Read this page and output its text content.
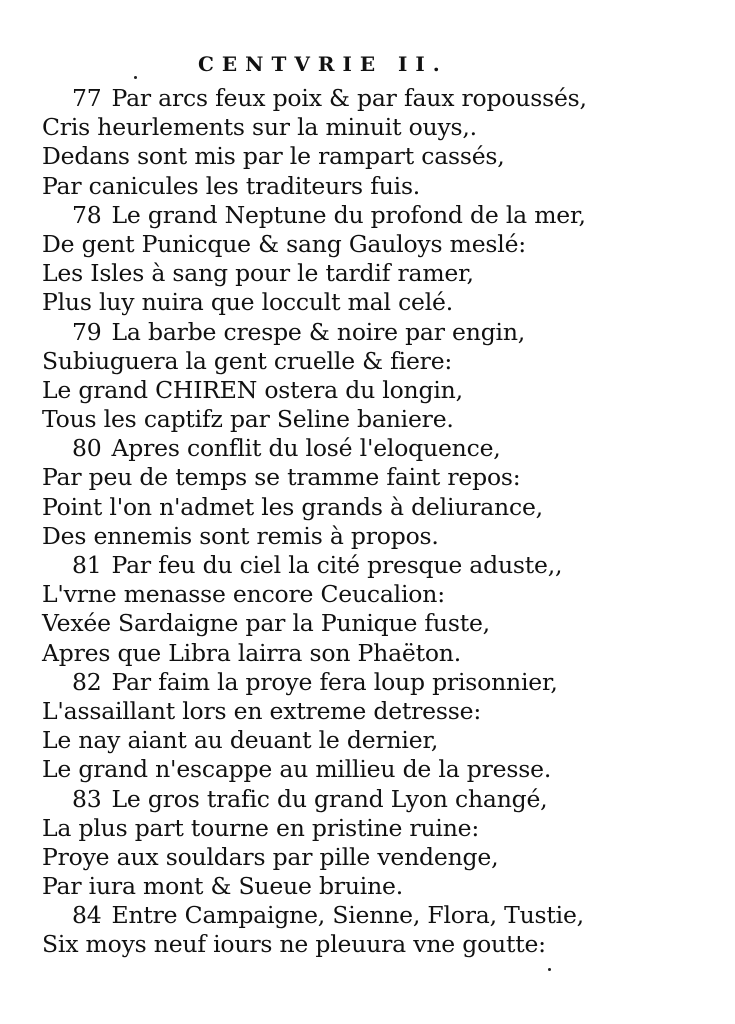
CENTVRIE II.
77 Par arcs feux poix & par faux ropoussés,
Cris heurlements sur la minuit ouys,.
Dedans sont mis par le rampart cassés,
Par canicules les traditeurs fuis.
78 Le grand Neptune du profond de la mer,
De gent Punicque & sang Gauloys meslé:
Les Isles à sang pour le tardif ramer,
Plus luy nuira que loccult mal celé.
79 La barbe crespe & noire par engin,
Subiuguera la gent cruelle & fiere:
Le grand CHIREN ostera du longin,
Tous les captifz par Seline baniere.
80 Apres conflit du losé l'eloquence,
Par peu de temps se tramme faint repos:
Point l'on n'admet les grands à deliurance,
Des ennemis sont remis à propos.
81 Par feu du ciel la cité presque aduste,,
L'vrne menasse encore Ceucalion:
Vexée Sardaigne par la Punique fuste,
Apres que Libra lairra son Phaëton.
82 Par faim la proye fera loup prisonnier,
L'assaillant lors en extreme detresse:
Le nay aiant au deuant le dernier,
Le grand n'escappe au millieu de la presse.
83 Le gros trafic du grand Lyon changé,
La plus part tourne en pristine ruine:
Proye aux souldars par pille vendenge,
Par iura mont & Sueue bruine.
84 Entre Campaigne, Sienne, Flora, Tustie,
Six moys neuf iours ne pleuura vne goutte:
